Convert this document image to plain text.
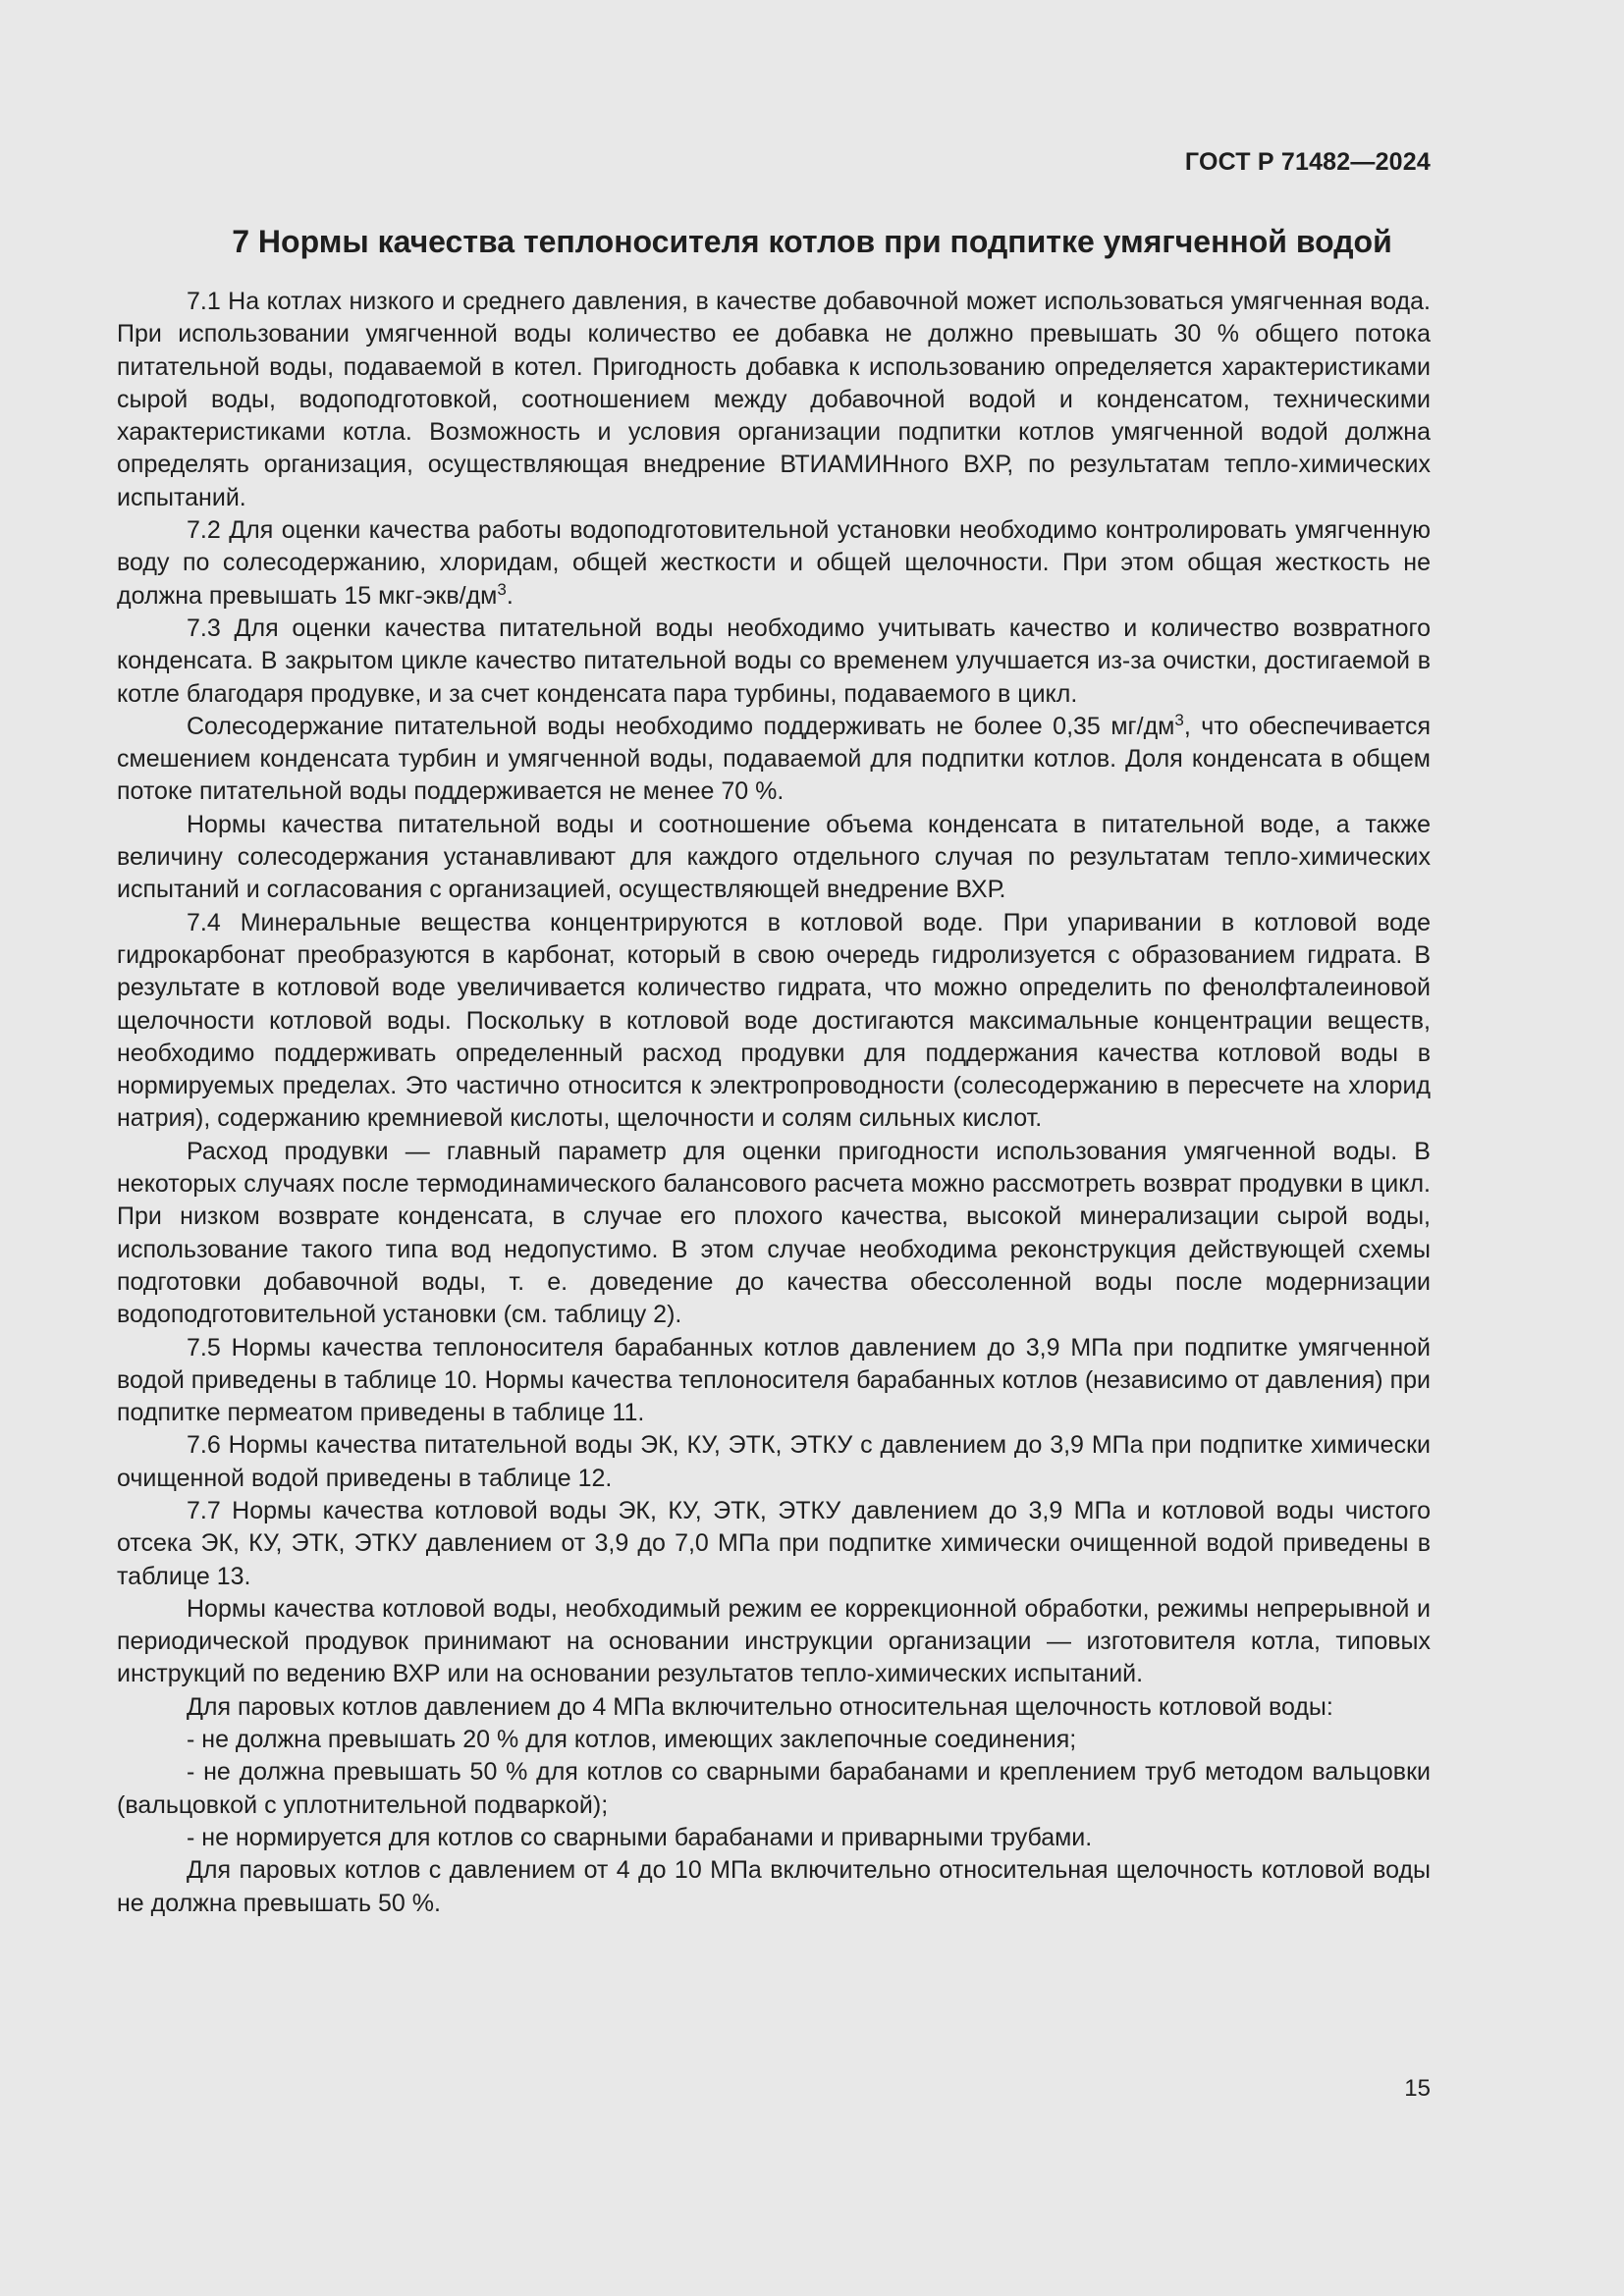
ГОСТ Р 71482—2024
7 Нормы качества теплоносителя котлов при подпитке умягченной водой

7.1 На котлах низкого и среднего давления, в качестве добавочной может использоваться умягченная вода. При использовании умягченной воды количество ее добавка не должно превышать 30 % общего потока питательной воды, подаваемой в котел. Пригодность добавка к использованию определяется характеристиками сырой воды, водоподготовкой, соотношением между добавочной водой и конденсатом, техническими характеристиками котла. Возможность и условия организации подпитки котлов умягченной водой должна определять организация, осуществляющая внедрение ВТИАМИНного ВХР, по результатам тепло-химических испытаний.

7.2 Для оценки качества работы водоподготовительной установки необходимо контролировать умягченную воду по солесодержанию, хлоридам, общей жесткости и общей щелочности. При этом общая жесткость не должна превышать 15 мкг-$экв/дм^3$.

7.3 Для оценки качества питательной воды необходимо учитывать качество и количество возвратного конденсата. В закрытом цикле качество питательной воды со временем улучшается из-за очистки, достигаемой в котле благодаря продувке, и за счет конденсата пара турбины, подаваемого в цикл.

Солесодержание питательной воды необходимо поддерживать не более 0,35 $мг/дм^3$, что обеспечивается смешением конденсата турбин и умягченной воды, подаваемой для подпитки котлов. Доля конденсата в общем потоке питательной воды поддерживается не менее 70 %.

Нормы качества питательной воды и соотношение объема конденсата в питательной воде, а также величину солесодержания устанавливают для каждого отдельного случая по результатам тепло-химических испытаний и согласования с организацией, осуществляющей внедрение ВХР.

7.4 Минеральные вещества концентрируются в котловой воде. При упаривании в котловой воде гидрокарбонат преобразуются в карбонат, который в свою очередь гидролизуется с образованием гидрата. В результате в котловой воде увеличивается количество гидрата, что можно определить по фенолфталеиновой щелочности котловой воды. Поскольку в котловой воде достигаются максимальные концентрации веществ, необходимо поддерживать определенный расход продувки для поддержания качества котловой воды в нормируемых пределах. Это частично относится к электропроводности (солесодержанию в пересчете на хлорид натрия), содержанию кремниевой кислоты, щелочности и солям сильных кислот.

Расход продувки — главный параметр для оценки пригодности использования умягченной воды. В некоторых случаях после термодинамического балансового расчета можно рассмотреть возврат продувки в цикл. При низком возврате конденсата, в случае его плохого качества, высокой минерализации сырой воды, использование такого типа вод недопустимо. В этом случае необходима реконструкция действующей схемы подготовки добавочной воды, т. е. доведение до качества обессоленной воды после модернизации водоподготовительной установки (см. таблицу 2).

7.5 Нормы качества теплоносителя барабанных котлов давлением до 3,9 МПа при подпитке умягченной водой приведены в таблице 10. Нормы качества теплоносителя барабанных котлов (независимо от давления) при подпитке пермеатом приведены в таблице 11.

7.6 Нормы качества питательной воды ЭК, КУ, ЭТК, ЭТКУ с давлением до 3,9 МПа при подпитке химически очищенной водой приведены в таблице 12.

7.7 Нормы качества котловой воды ЭК, КУ, ЭТК, ЭТКУ давлением до 3,9 МПа и котловой воды чистого отсека ЭК, КУ, ЭТК, ЭТКУ давлением от 3,9 до 7,0 МПа при подпитке химически очищенной водой приведены в таблице 13.

Нормы качества котловой воды, необходимый режим ее коррекционной обработки, режимы непрерывной и периодической продувок принимают на основании инструкции организации — изготовителя котла, типовых инструкций по ведению ВХР или на основании результатов тепло-химических испытаний.

Для паровых котлов давлением до 4 МПа включительно относительная щелочность котловой воды:

- не должна превышать 20 % для котлов, имеющих заклепочные соединения;

- не должна превышать 50 % для котлов со сварными барабанами и креплением труб методом вальцовки (вальцовкой с уплотнительной подваркой);

- не нормируется для котлов со сварными барабанами и приварными трубами.

Для паровых котлов с давлением от 4 до 10 МПа включительно относительная щелочность котловой воды не должна превышать 50 %.

15
